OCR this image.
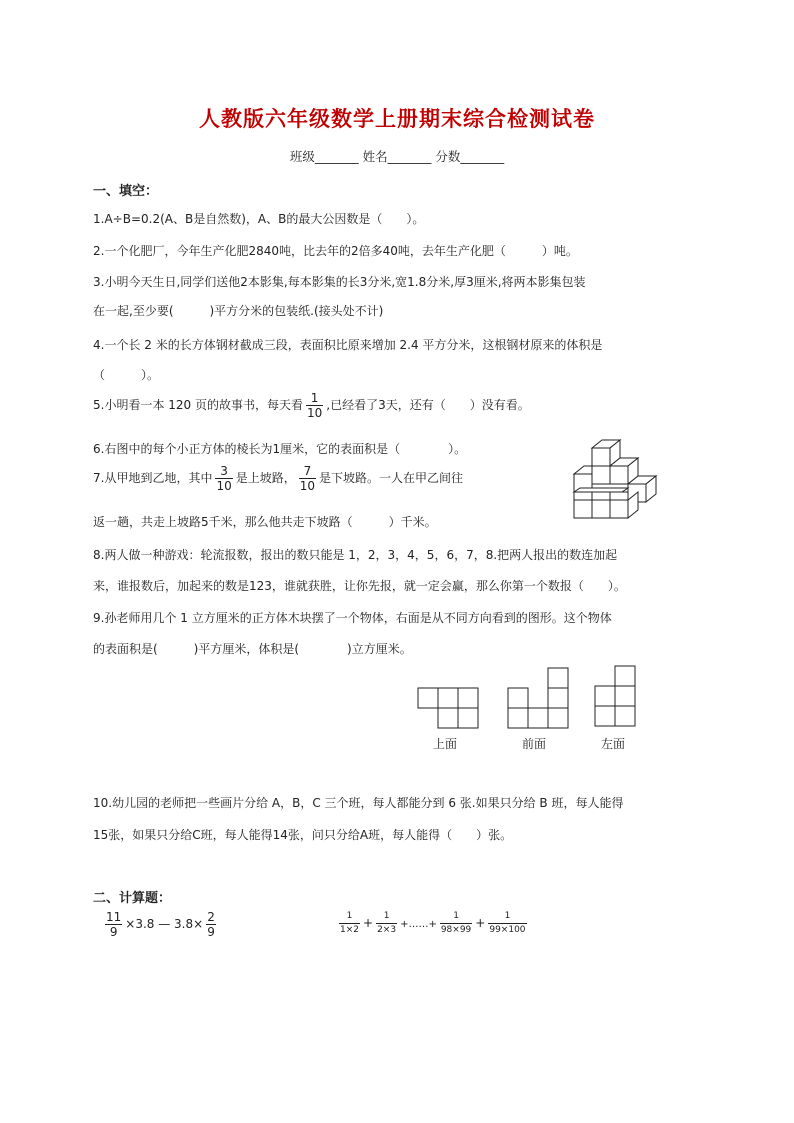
人教版六年级数学上册期末综合检测试卷
班级_______ 姓名_______ 分数_______
一、填空：
1.A÷B=0.2(A、B是自然数)，A、B的最大公因数是（　　）。
2.一个化肥厂，今年生产化肥2840吨，比去年的2倍多40吨，去年生产化肥（　　　）吨。
3.小明今天生日,同学们送他2本影集,每本影集的长3分米,宽1.8分米,厚3厘米,将两本影集包装
在一起,至少要(　　　)平方分米的包装纸.(接头处不计)
4.一个长 2 米的长方体钢材截成三段，表面积比原来增加 2.4 平方分米，这根钢材原来的体积是
（　　　）。
5.小明看一本 120 页的故事书，每天看 $\frac{1}{10}$ ,已经看了3天，还有（　　）没有看。
6.右图中的每个小正方体的棱长为1厘米，它的表面积是（　　　　）。
7.从甲地到乙地，其中 $\frac{3}{10}$ 是上坡路， $\frac{7}{10}$ 是下坡路。一人在甲乙间往
返一趟，共走上坡路5千米，那么他共走下坡路（　　　）千米。
8.两人做一种游戏：轮流报数，报出的数只能是 1，2，3，4，5，6，7，8.把两人报出的数连加起
来，谁报数后，加起来的数是123，谁就获胜，让你先报，就一定会赢，那么你第一个数报（　　）。
9.孙老师用几个 1 立方厘米的正方体木块摆了一个物体，右面是从不同方向看到的图形。这个物体
的表面积是(　　　)平方厘米，体积是(　　　　)立方厘米。
上面	前面	左面
10.幼儿园的老师把一些画片分给 A，B，C 三个班，每人都能分到 6 张.如果只分给 B 班，每人能得
15张，如果只分给C班，每人能得14张，问只分给A班，每人能得（　　）张。
二、计算题：
$\frac{11}{9} \times 3.8$ — $3.8\times \frac{2}{9}$	$\frac{1}{1\times 2} + \frac{1}{2\times 3}$ +……+ $\frac{1}{98\times 99} + \frac{1}{99\times 100}$
